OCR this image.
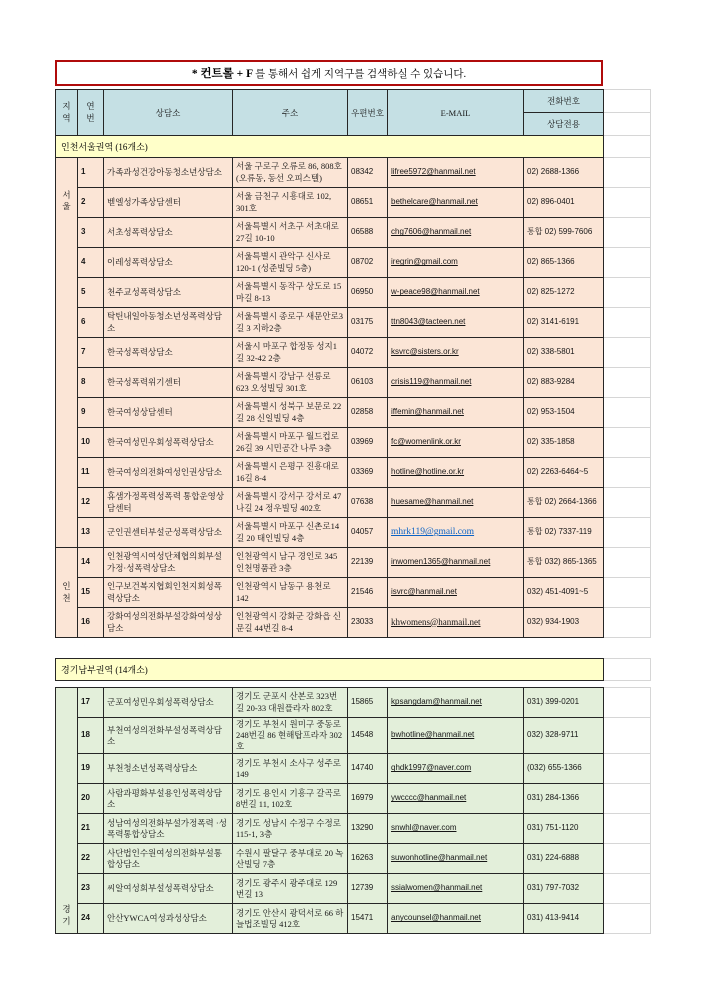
* 컨트롤 + F 를 통해서 쉽게 지역구를 검색하실 수 있습니다.
지역	연번	상담소	주소	우편번호	E-MAIL	전화번호	
						상담전용	
인천서울권역 (16개소)							
서울	1	가족과성건강아동청소년상담소	서울 구로구 오류로 86, 808호(오류동, 동선 오피스텔)	08342	lifree5972@hanmail.net	02) 2688-1366	
	2	벧엘성가족상담센터	서울 금천구 시흥대로 102, 301호	08651	bethelcare@hanmail.net	02) 896-0401	
	3	서초성폭력상담소	서울특별시 서초구 서초대로 27길 10-10	06588	chg7606@hanmail.net	통합 02) 599-7606	
	4	이레성폭력상담소	서울특별시 관악구 신사로 120-1 (성준빌딩 5층)	08702	iregrin@gmail.com	02) 865-1366	
	5	천주교성폭력상담소	서울특별시 동작구 상도로 15마길 8-13	06950	w-peace98@hanmail.net	02) 825-1272	
	6	탁틴내일아동청소년성폭력상담소	서울특별시 종로구 새문안로3길 3 지하2층	03175	ttn8043@tacteen.net	02) 3141-6191	
	7	한국성폭력상담소	서울시 마포구 합정동 성지1길 32-42 2층	04072	ksvrc@sisters.or.kr	02) 338-5801	
	8	한국성폭력위기센터	서울특별시 강남구 선릉로 623 오성빌딩 301호	06103	crisis119@hanmail.net	02) 883-9284	
	9	한국여성상담센터	서울특별시 성북구 보문로 22길 28 신일빌딩 4층	02858	iffemin@hanmail.net	02) 953-1504	
	10	한국여성민우회성폭력상담소	서울특별시 마포구 월드컵로 26길 39 시민공간 나루 3층	03969	fc@womenlink.or.kr	02) 335-1858	
	11	한국여성의전화여성인권상담소	서울특별시 은평구 진흥대로 16길 8-4	03369	hotline@hotline.or.kr	02) 2263-6464~5	
	12	휴샘가정폭력성폭력 통합운영상담센터	서울특별시 강서구 강서로 47 나길 24 정우빌딩 402호	07638	huesame@hanmail.net	통합 02) 2664-1366	
	13	군인권센터부설군성폭력상담소	서울특별시 마포구 신촌로14길 20 태인빌딩 4층	04057	mhrk119@gmail.com	통합 02) 7337-119	
인천	14	인천광역시여성단체협의회부설가정·성폭력상담소	인천광역시 남구 경인로 345 인천명품관 3층	22139	inwomen1365@hanmail.net	통합 032) 865-1365	
	15	인구보건복지협회인천지회성폭력상담소	인천광역시 남동구 용천로 142	21546	isvrc@hanmail.net	032) 451-4091~5	
	16	강화여성의전화부설강화여성상담소	인천광역시 강화군 강화읍 신문길 44번길 8-4	23033	khwomens@hanmail.net	032) 934-1903	

경기남부권역 (14개소)							

경기	17	군포여성민우회성폭력상담소	경기도 군포시 산본로 323번길 20-33 대원플라자 802호	15865	kpsangdam@hanmail.net	031) 399-0201	
	18	부천여성의전화부설성폭력상담소	경기도 부천시 원미구 중동로 248번길 86 현해탑프라자 302호	14548	bwhotline@hanmail.net	032) 328-9711	
	19	부천청소년성폭력상담소	경기도 부천시 소사구 성주로 149	14740	qhdk1997@naver.com	(032) 655-1366	
	20	사람과평화부설용인성폭력상담소	경기도 용인시 기흥구 갈곡로 8번길 11, 102호	16979	ywcccc@hanmail.net	031) 284-1366	
	21	성남여성의전화부설가정폭력 ·성폭력통합상담소	경기도 성남시 수정구 수정로 115-1, 3층	13290	snwhl@naver.com	031) 751-1120	
	22	사단법인수원여성의전화부설통합상담소	수원시 팔달구 중부대로 20 녹산빌딩 7층	16263	suwonhotline@hanmail.net	031) 224-6888	
	23	씨알여성회부설성폭력상담소	경기도 광주시 광주대로 129번길 13	12739	ssialwomen@hanmail.net	031) 797-7032	
	24	안산YWCA여성과성상담소	경기도 안산시 광덕서로 66 하늘법조빌딩 412호	15471	anycounsel@hanmail.net	031) 413-9414	
